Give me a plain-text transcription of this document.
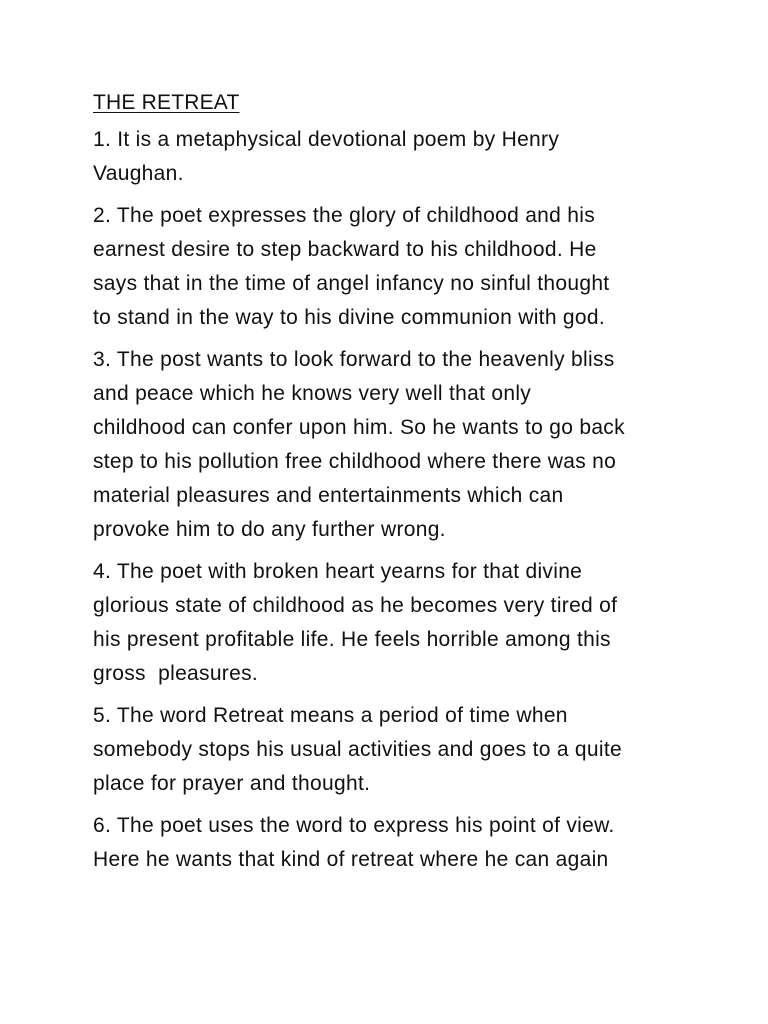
THE RETREAT
1. It is a metaphysical devotional poem by Henry
Vaughan.
2. The poet expresses the glory of childhood and his
earnest desire to step backward to his childhood. He
says that in the time of angel infancy no sinful thought
to stand in the way to his divine communion with god.
3. The post wants to look forward to the heavenly bliss
and peace which he knows very well that only
childhood can confer upon him. So he wants to go back
step to his pollution free childhood where there was no
material pleasures and entertainments which can
provoke him to do any further wrong.
4. The poet with broken heart yearns for that divine
glorious state of childhood as he becomes very tired of
his present profitable life. He feels horrible among this
gross  pleasures.
5. The word Retreat means a period of time when
somebody stops his usual activities and goes to a quite
place for prayer and thought.
6. The poet uses the word to express his point of view.
Here he wants that kind of retreat where he can again
